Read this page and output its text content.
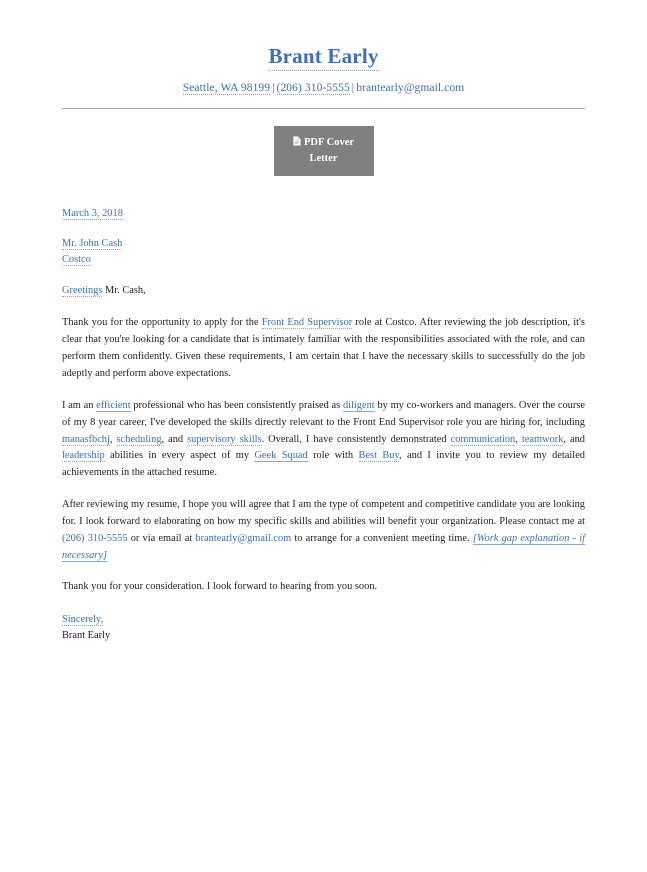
Brant Early
Seattle, WA 98199 | (206) 310-5555 | brantearly@gmail.com
PDF Cover
Letter
March 3, 2018
Mr. John Cash
Costco
Greetings Mr. Cash,

Thank you for the opportunity to apply for the Front End Supervisor role at Costco. After reviewing the job description, it's clear that you're looking for a candidate that is intimately familiar with the responsibilities associated with the role, and can perform them confidently. Given these requirements, I am certain that I have the necessary skills to successfully do the job adeptly and perform above expectations.

I am an efficient professional who has been consistently praised as diligent by my co-workers and managers. Over the course of my 8 year career, I've developed the skills directly relevant to the Front End Supervisor role you are hiring for, including manasfbchj, scheduling, and supervisory skills. Overall, I have consistently demonstrated communication, teamwork, and leadership abilities in every aspect of my Geek Squad role with Best Buy, and I invite you to review my detailed achievements in the attached resume.

After reviewing my resume, I hope you will agree that I am the type of competent and competitive candidate you are looking for. I look forward to elaborating on how my specific skills and abilities will benefit your organization. Please contact me at (206) 310-5555 or via email at brantearly@gmail.com to arrange for a convenient meeting time. [Work gap explanation - if necessary]

Thank you for your consideration. I look forward to hearing from you soon.

Sincerely,
Brant Early
